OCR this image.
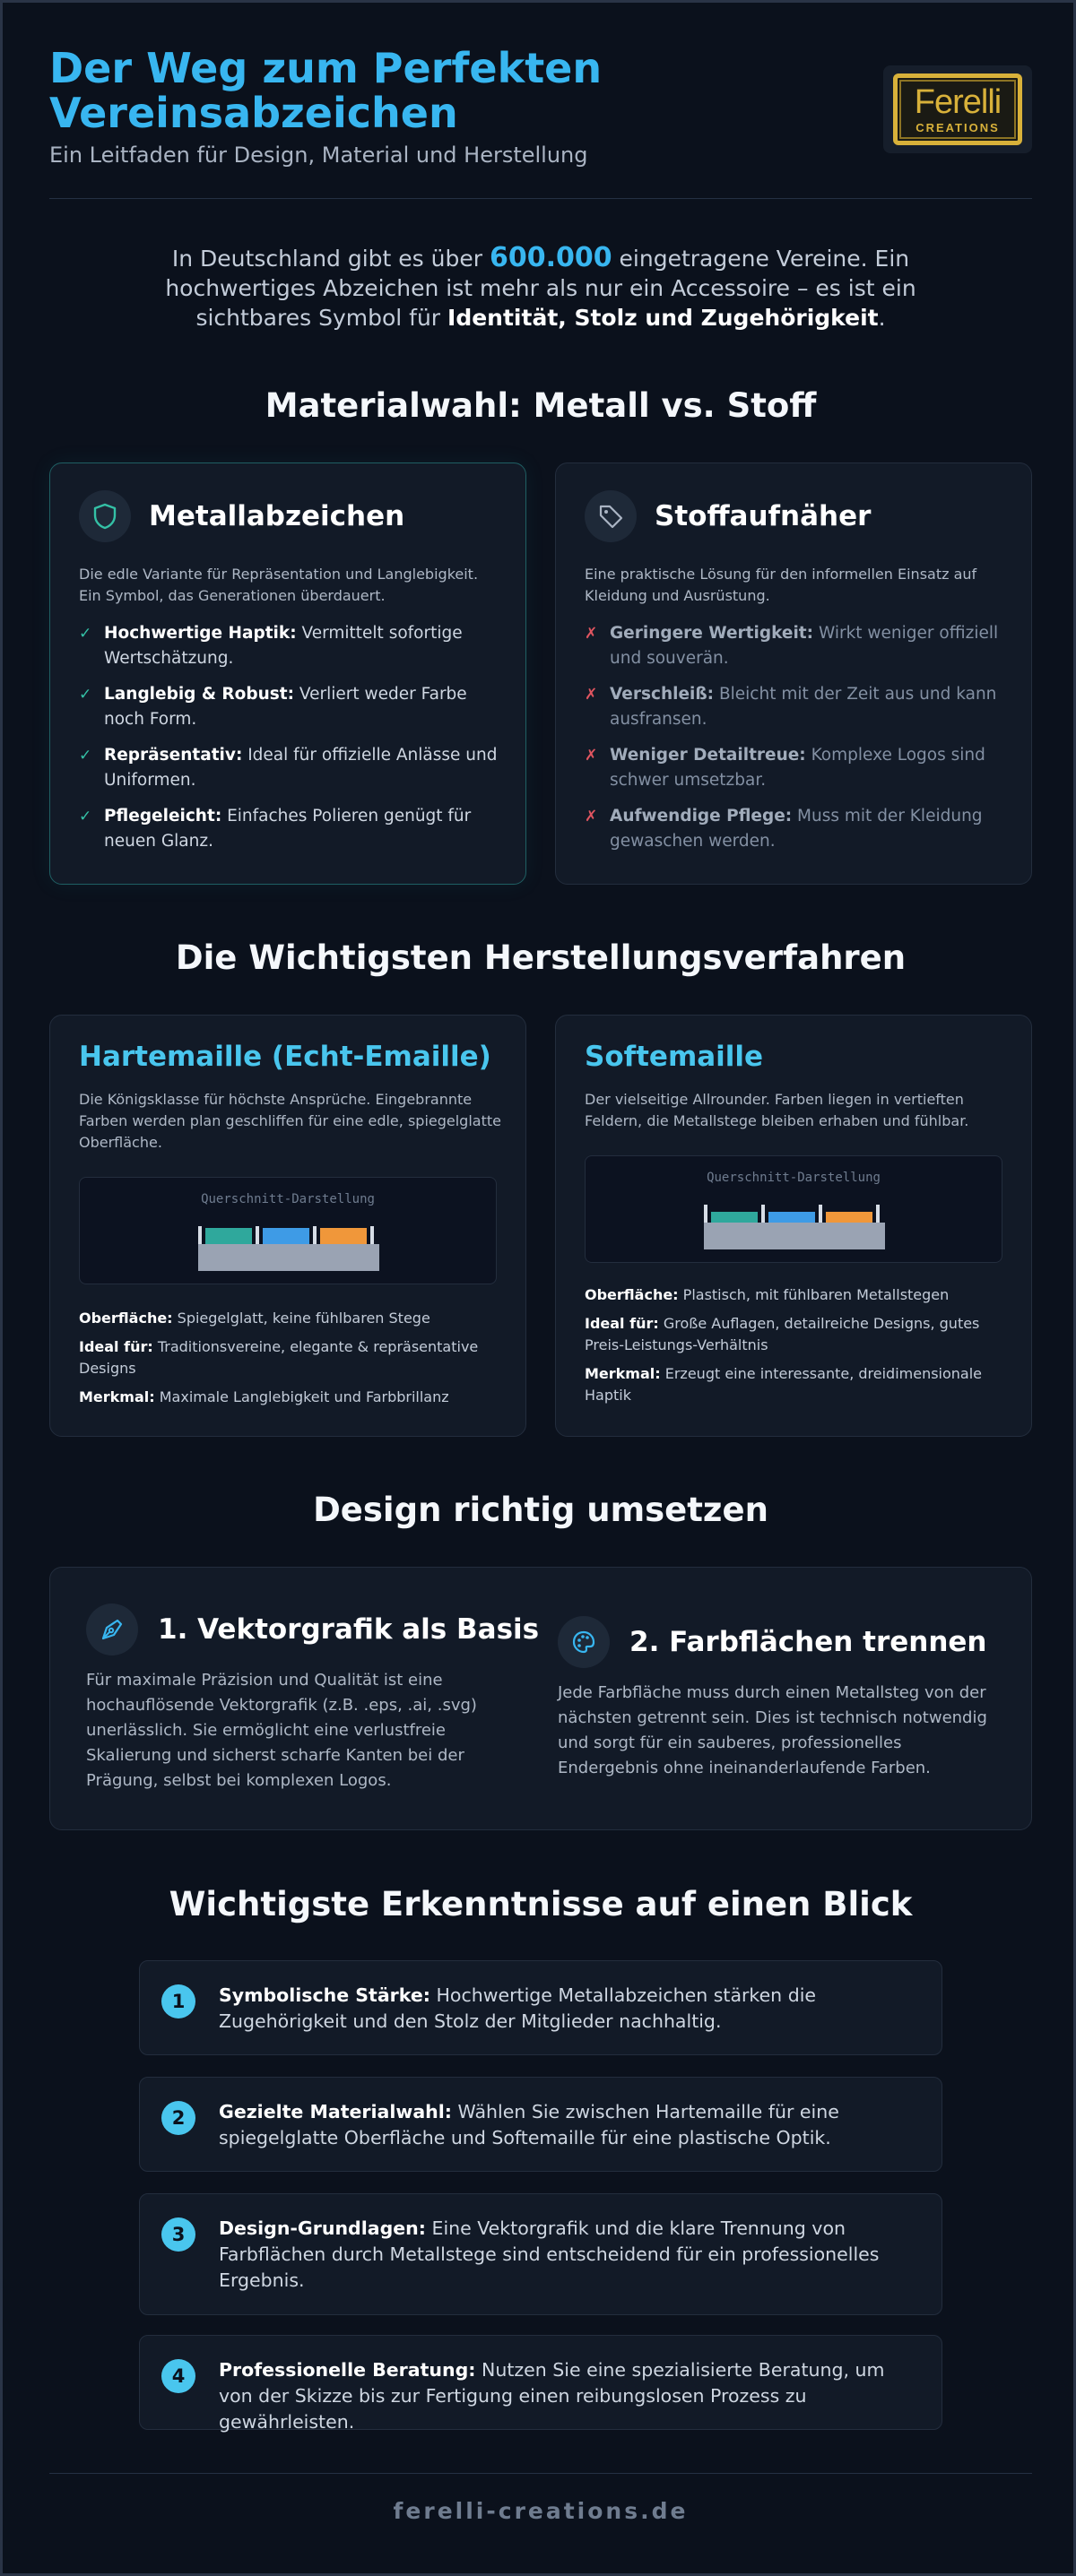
Der Weg zum Perfekten Vereinsabzeichen
Ein Leitfaden für Design, Material und Herstellung
Ferelli
CREATIONS

In Deutschland gibt es über 600.000 eingetragene Vereine. Ein hochwertiges Abzeichen ist mehr als nur ein Accessoire – es ist ein sichtbares Symbol für Identität, Stolz und Zugehörigkeit.

Materialwahl: Metall vs. Stoff
Metallabzeichen

Die edle Variante für Repräsentation und Langlebigkeit. Ein Symbol, das Generationen überdauert.

✓ Hochwertige Haptik: Vermittelt sofortige Wertschätzung.
✓ Langlebig & Robust: Verliert weder Farbe noch Form.
✓ Repräsentativ: Ideal für offizielle Anlässe und Uniformen.
✓ Pflegeleicht: Einfaches Polieren genügt für neuen Glanz.
Stoffaufnäher

Eine praktische Lösung für den informellen Einsatz auf Kleidung und Ausrüstung.

✗ Geringere Wertigkeit: Wirkt weniger offiziell und souverän.
✗ Verschleiß: Bleicht mit der Zeit aus und kann ausfransen.
✗ Weniger Detailtreue: Komplexe Logos sind schwer umsetzbar.
✗ Aufwendige Pflege: Muss mit der Kleidung gewaschen werden.
Die Wichtigsten Herstellungsverfahren
Hartemaille (Echt-Emaille)

Die Königsklasse für höchste Ansprüche. Eingebrannte Farben werden plan geschliffen für eine edle, spiegelglatte Oberfläche.

Querschnitt-Darstellung

Oberfläche: Spiegelglatt, keine fühlbaren Stege

Ideal für: Traditionsvereine, elegante & repräsentative Designs

Merkmal: Maximale Langlebigkeit und Farbbrillanz

Softemaille

Der vielseitige Allrounder. Farben liegen in vertieften Feldern, die Metallstege bleiben erhaben und fühlbar.

Querschnitt-Darstellung

Oberfläche: Plastisch, mit fühlbaren Metallstegen

Ideal für: Große Auflagen, detailreiche Designs, gutes Preis-Leistungs-Verhältnis

Merkmal: Erzeugt eine interessante, dreidimensionale Haptik

Design richtig umsetzen
1. Vektorgrafik als Basis

Für maximale Präzision und Qualität ist eine hochauflösende Vektorgrafik (z.B. .eps, .ai, .svg) unerlässlich. Sie ermöglicht eine verlustfreie Skalierung und sicherst scharfe Kanten bei der Prägung, selbst bei komplexen Logos.

2. Farbflächen trennen

Jede Farbfläche muss durch einen Metallsteg von der nächsten getrennt sein. Dies ist technisch notwendig und sorgt für ein sauberes, professionelles Endergebnis ohne ineinanderlaufende Farben.

Wichtigste Erkenntnisse auf einen Blick
1	Symbolische Stärke: Hochwertige Metallabzeichen stärken die Zugehörigkeit und den Stolz der Mitglieder nachhaltig.

2	Gezielte Materialwahl: Wählen Sie zwischen Hartemaille für eine spiegelglatte Oberfläche und Softemaille für eine plastische Optik.

3	Design-Grundlagen: Eine Vektorgrafik und die klare Trennung von Farbflächen durch Metallstege sind entscheidend für ein professionelles Ergebnis.

4	Professionelle Beratung: Nutzen Sie eine spezialisierte Beratung, um von der Skizze bis zur Fertigung einen reibungslosen Prozess zu gewährleisten.

ferelli-creations.de
